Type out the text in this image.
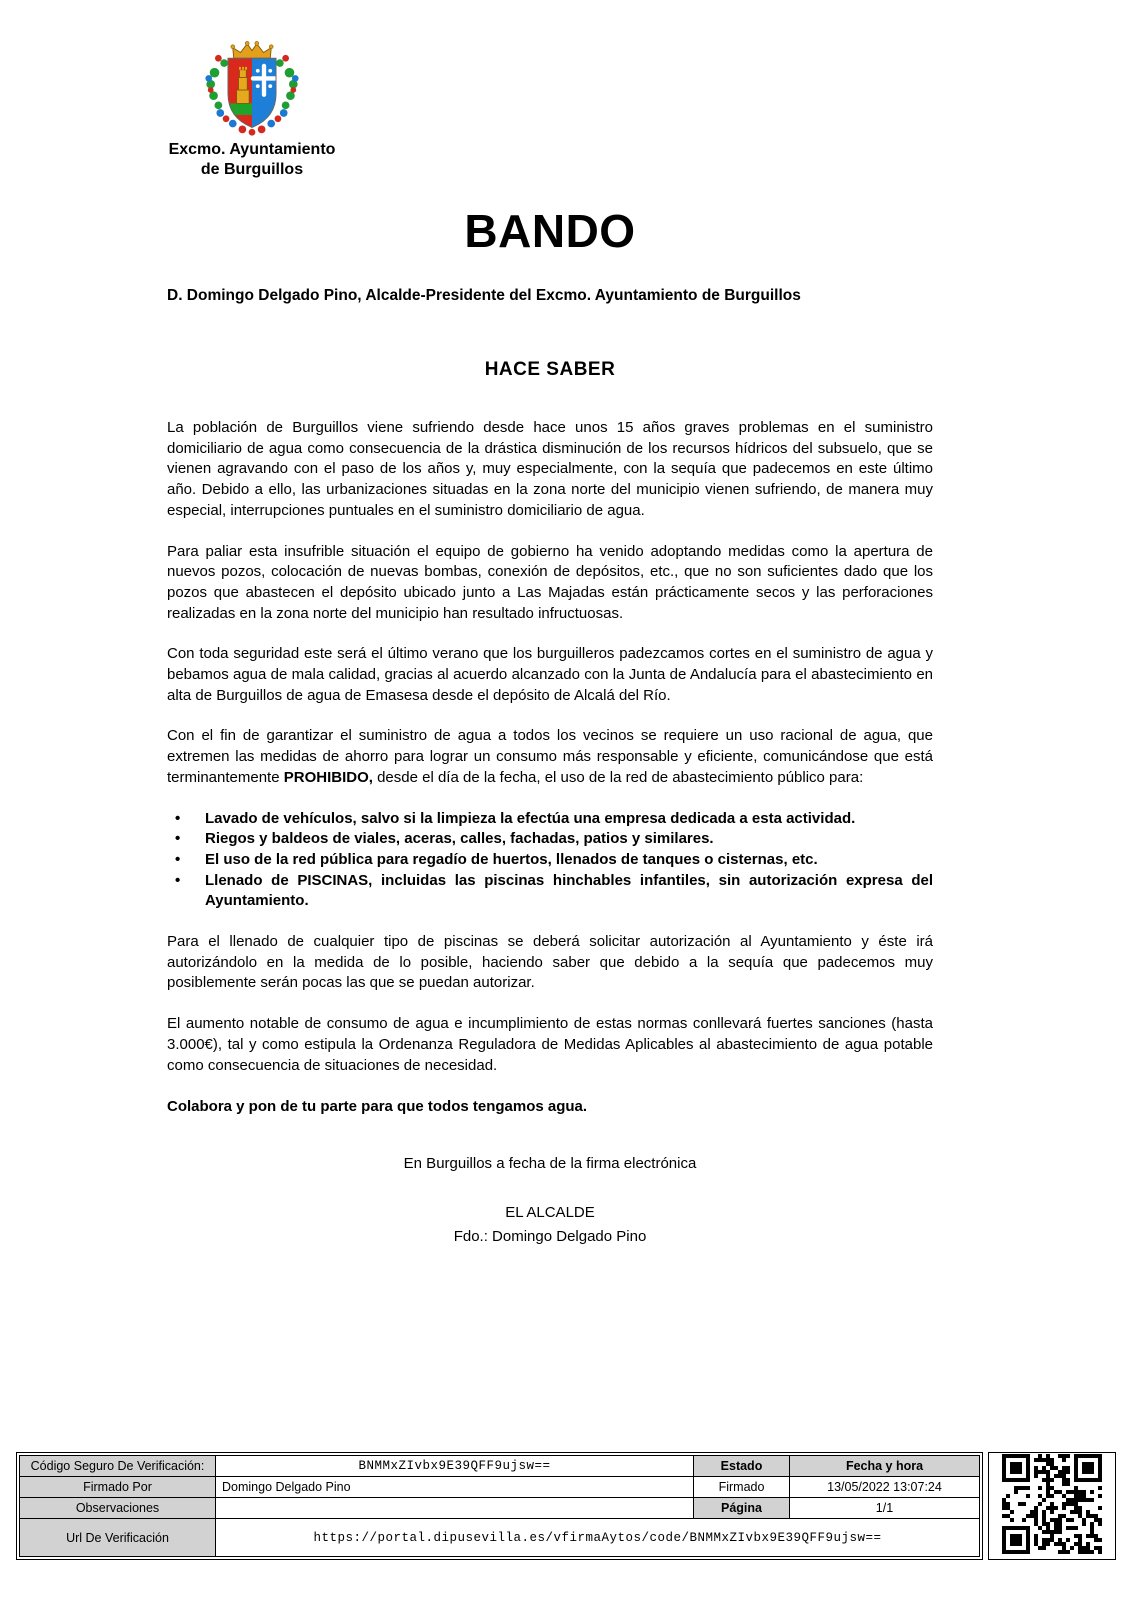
Excmo. Ayuntamiento
de Burguillos
BANDO
D. Domingo Delgado Pino, Alcalde-Presidente del Excmo. Ayuntamiento de Burguillos
HACE SABER

La población de Burguillos viene sufriendo desde hace unos 15 años graves problemas en el suministro domiciliario de agua como consecuencia de la drástica disminución de los recursos hídricos del subsuelo, que se vienen agravando con el paso de los años y, muy especialmente, con la sequía que padecemos en este último año. Debido a ello, las urbanizaciones situadas en la zona norte del municipio vienen sufriendo, de manera muy especial, interrupciones puntuales en el suministro domiciliario de agua.

Para paliar esta insufrible situación el equipo de gobierno ha venido adoptando medidas como la apertura de nuevos pozos, colocación de nuevas bombas, conexión de depósitos, etc., que no son suficientes dado que los pozos que abastecen el depósito ubicado junto a Las Majadas están prácticamente secos y las perforaciones realizadas en la zona norte del municipio han resultado infructuosas.

Con toda seguridad este será el último verano que los burguilleros padezcamos cortes en el suministro de agua y bebamos agua de mala calidad, gracias al acuerdo alcanzado con la Junta de Andalucía para el abastecimiento en alta de Burguillos de agua de Emasesa desde el depósito de Alcalá del Río.

Con el fin de garantizar el suministro de agua a todos los vecinos se requiere un uso racional de agua, que extremen las medidas de ahorro para lograr un consumo más responsable y eficiente, comunicándose que está terminantemente PROHIBIDO, desde el día de la fecha, el uso de la red de abastecimiento público para:

•	Lavado de vehículos, salvo si la limpieza la efectúa una empresa dedicada a esta actividad.
•	Riegos y baldeos de viales, aceras, calles, fachadas, patios y similares.
•	El uso de la red pública para regadío de huertos, llenados de tanques o cisternas, etc.
•	Llenado de PISCINAS, incluidas las piscinas hinchables infantiles, sin autorización expresa del Ayuntamiento.

Para el llenado de cualquier tipo de piscinas se deberá solicitar autorización al Ayuntamiento y éste irá autorizándolo en la medida de lo posible, haciendo saber que debido a la sequía que padecemos muy posiblemente serán pocas las que se puedan autorizar.

El aumento notable de consumo de agua e incumplimiento de estas normas conllevará fuertes sanciones (hasta 3.000€), tal y como estipula la Ordenanza Reguladora de Medidas Aplicables al abastecimiento de agua potable como consecuencia de situaciones de necesidad.

Colabora y pon de tu parte para que todos tengamos agua.

En Burguillos a fecha de la firma electrónica
EL ALCALDE
Fdo.: Domingo Delgado Pino
Código Seguro De Verificación:	BNMMxZIvbx9E39QFF9ujsw==	Estado	Fecha y hora
Firmado Por	Domingo Delgado Pino	Firmado	13/05/2022 13:07:24
Observaciones		Página	1/1
Url De Verificación	https://portal.dipusevilla.es/vfirmaAytos/code/BNMMxZIvbx9E39QFF9ujsw==		
